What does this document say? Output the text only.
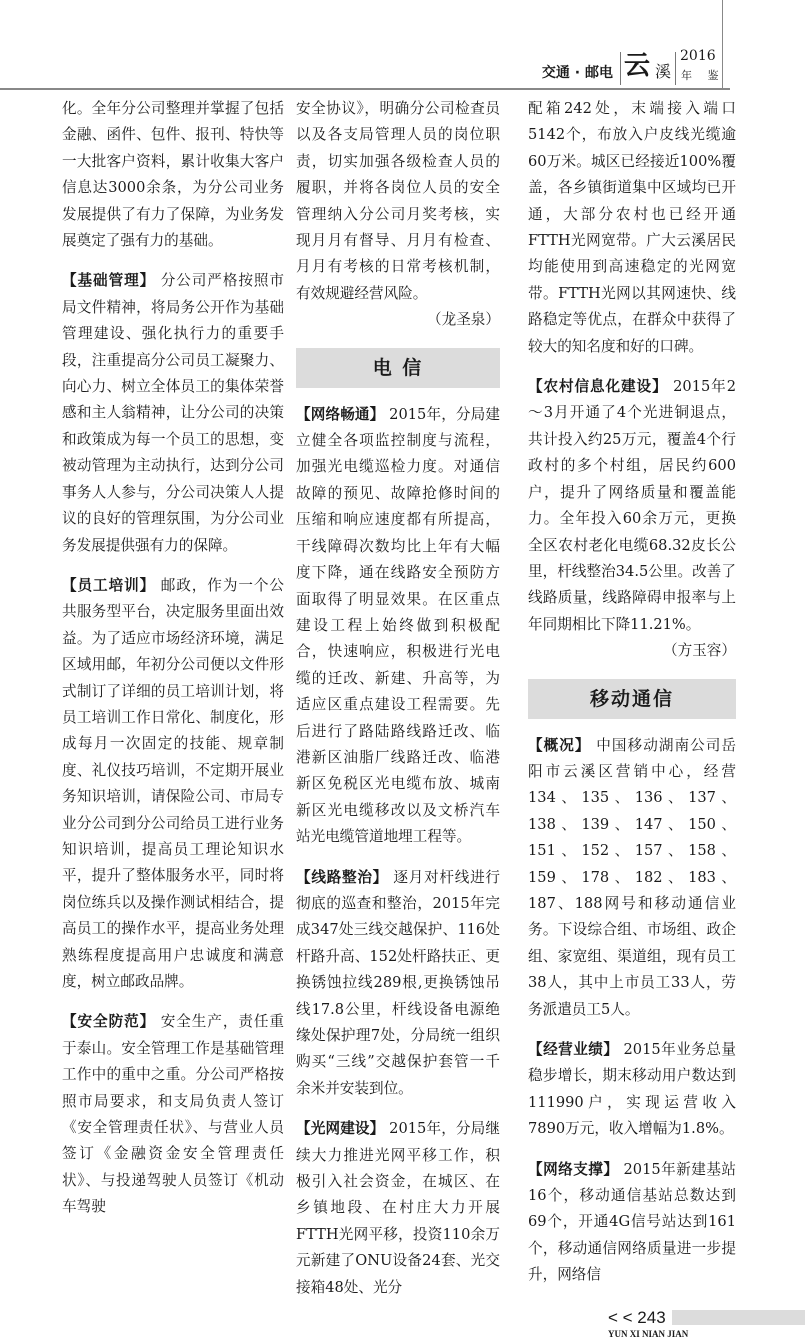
交通 · 邮电 云 溪
2016
年 鉴

化。全年分公司整理并掌握了包括金融、函件、包件、报刊、特快等一大批客户资料，累计收集大客户信息达3000余条，为分公司业务发展提供了有力了保障，为业务发展奠定了强有力的基础。

【基础管理】 分公司严格按照市局文件精神，将局务公开作为基础管理建设、强化执行力的重要手段，注重提高分公司员工凝聚力、向心力、树立全体员工的集体荣誉感和主人翁精神，让分公司的决策和政策成为每一个员工的思想，变被动管理为主动执行，达到分公司事务人人参与，分公司决策人人提议的良好的管理氛围，为分公司业务发展提供强有力的保障。

【员工培训】 邮政，作为一个公共服务型平台，决定服务里面出效益。为了适应市场经济环境，满足区域用邮，年初分公司便以文件形式制订了详细的员工培训计划，将员工培训工作日常化、制度化，形成每月一次固定的技能、规章制度、礼仪技巧培训，不定期开展业务知识培训，请保险公司、市局专业分公司到分公司给员工进行业务知识培训，提高员工理论知识水平，提升了整体服务水平，同时将岗位练兵以及操作测试相结合，提高员工的操作水平，提高业务处理熟练程度提高用户忠诚度和满意度，树立邮政品牌。

【安全防范】 安全生产，责任重于泰山。安全管理工作是基础管理工作中的重中之重。分公司严格按照市局要求，和支局负责人签订《安全管理责任状》、与营业人员签订《金融资金安全管理责任状》、与投递驾驶人员签订《机动车驾驶

安全协议》，明确分公司检查员以及各支局管理人员的岗位职责，切实加强各级检查人员的履职，并将各岗位人员的安全管理纳入分公司月奖考核，实现月月有督导、月月有检查、月月有考核的日常考核机制，有效规避经营风险。

（龙圣泉）

电 信

【网络畅通】 2015年，分局建立健全各项监控制度与流程，加强光电缆巡检力度。对通信故障的预见、故障抢修时间的压缩和响应速度都有所提高，干线障碍次数均比上年有大幅度下降，通在线路安全预防方面取得了明显效果。在区重点建设工程上始终做到积极配合，快速响应，积极进行光电缆的迁改、新建、升高等，为适应区重点建设工程需要。先后进行了路陆路线路迁改、临港新区油脂厂线路迁改、临港新区免税区光电缆布放、城南新区光电缆移改以及文桥汽车站光电缆管道地埋工程等。

【线路整治】 逐月对杆线进行彻底的巡查和整治，2015年完成347处三线交越保护、116处杆路升高、152处杆路扶正、更换锈蚀拉线289根,更换锈蚀吊线17.8公里，杆线设备电源绝缘处保护理7处，分局统一组织购买“三线”交越保护套管一千余米并安装到位。

【光网建设】 2015年，分局继续大力推进光网平移工作，积极引入社会资金，在城区、在乡镇地段、在村庄大力开展FTTH光网平移，投资110余万元新建了ONU设备24套、光交接箱48处、光分

配箱242处，末端接入端口5142个，布放入户皮线光缆逾60万米。城区已经接近100%覆盖，各乡镇街道集中区域均已开通，大部分农村也已经开通FTTH光网宽带。广大云溪居民均能使用到高速稳定的光网宽带。FTTH光网以其网速快、线路稳定等优点，在群众中获得了较大的知名度和好的口碑。

【农村信息化建设】 2015年2～3月开通了4个光进铜退点，共计投入约25万元，覆盖4个行政村的多个村组，居民约600户，提升了网络质量和覆盖能力。全年投入60余万元，更换全区农村老化电缆68.32皮长公里，杆线整治34.5公里。改善了线路质量，线路障碍申报率与上年同期相比下降11.21%。

（方玉容）

移动通信

【概况】 中国移动湖南公司岳阳市云溪区营销中心，经营134、135、136、137、138、139、147、150、151、152、157、158、159、178、182、183、187、188网号和移动通信业务。下设综合组、市场组、政企组、家宽组、渠道组，现有员工38人，其中上市员工33人，劳务派遣员工5人。

【经营业绩】 2015年业务总量稳步增长，期末移动用户数达到111990户，实现运营收入7890万元，收入增幅为1.8%。

【网络支撑】 2015年新建基站16个，移动通信基站总数达到69个，开通4G信号站达到161个，移动通信网络质量进一步提升，网络信

< < 243
YUN XI NIAN JIAN
